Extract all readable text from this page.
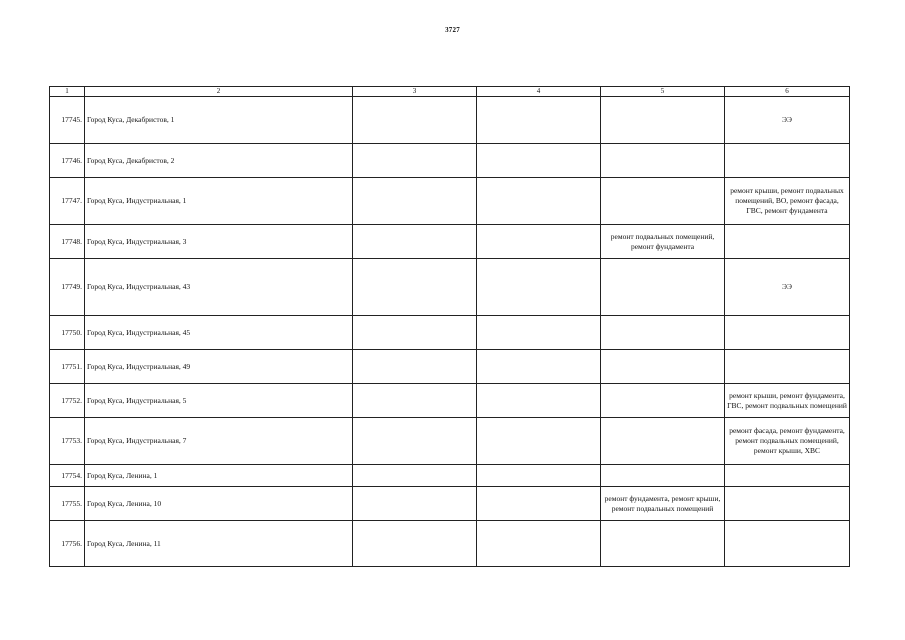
3727
1	2	3	4	5	6
17745.	Город Куса, Декабристов, 1				ЭЭ
17746.	Город Куса, Декабристов, 2				
17747.	Город Куса, Индустриальная, 1				ремонт крыши, ремонт подвальных помещений, ВО, ремонт фасада, ГВС, ремонт фундамента
17748.	Город Куса, Индустриальная, 3			ремонт подвальных помещений, ремонт фундамента	
17749.	Город Куса, Индустриальная, 43				ЭЭ
17750.	Город Куса, Индустриальная, 45				
17751.	Город Куса, Индустриальная, 49				
17752.	Город Куса, Индустриальная, 5				ремонт крыши, ремонт фундамента, ГВС, ремонт подвальных помещений
17753.	Город Куса, Индустриальная, 7				ремонт фасада, ремонт фундамента, ремонт подвальных помещений, ремонт крыши, ХВС
17754.	Город Куса, Ленина, 1				
17755.	Город Куса, Ленина, 10			ремонт фундамента, ремонт крыши, ремонт подвальных помещений	
17756.	Город Куса, Ленина, 11				
